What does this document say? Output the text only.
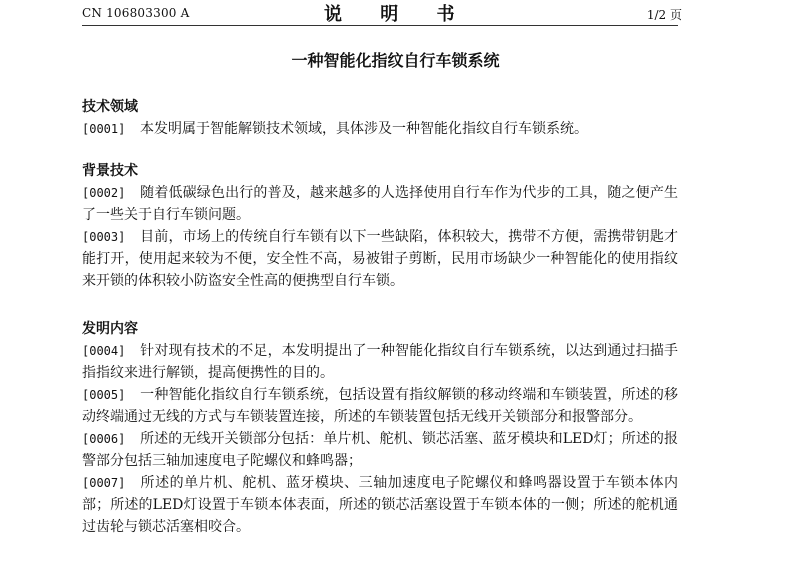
CN 106803300 A	说 明 书	1/2 页
一种智能化指纹自行车锁系统
技术领域

[0001] 本发明属于智能解锁技术领域，具体涉及一种智能化指纹自行车锁系统。

背景技术

[0002] 随着低碳绿色出行的普及，越来越多的人选择使用自行车作为代步的工具，随之便产生了一些关于自行车锁问题。

[0003] 目前，市场上的传统自行车锁有以下一些缺陷，体积较大，携带不方便，需携带钥匙才能打开，使用起来较为不便，安全性不高，易被钳子剪断，民用市场缺少一种智能化的使用指纹来开锁的体积较小防盗安全性高的便携型自行车锁。

发明内容

[0004] 针对现有技术的不足，本发明提出了一种智能化指纹自行车锁系统，以达到通过扫描手指指纹来进行解锁，提高便携性的目的。

[0005] 一种智能化指纹自行车锁系统，包括设置有指纹解锁的移动终端和车锁装置，所述的移动终端通过无线的方式与车锁装置连接，所述的车锁装置包括无线开关锁部分和报警部分。

[0006] 所述的无线开关锁部分包括：单片机、舵机、锁芯活塞、蓝牙模块和LED灯；所述的报警部分包括三轴加速度电子陀螺仪和蜂鸣器；

[0007] 所述的单片机、舵机、蓝牙模块、三轴加速度电子陀螺仪和蜂鸣器设置于车锁本体内部；所述的LED灯设置于车锁本体表面，所述的锁芯活塞设置于车锁本体的一侧；所述的舵机通过齿轮与锁芯活塞相咬合。
